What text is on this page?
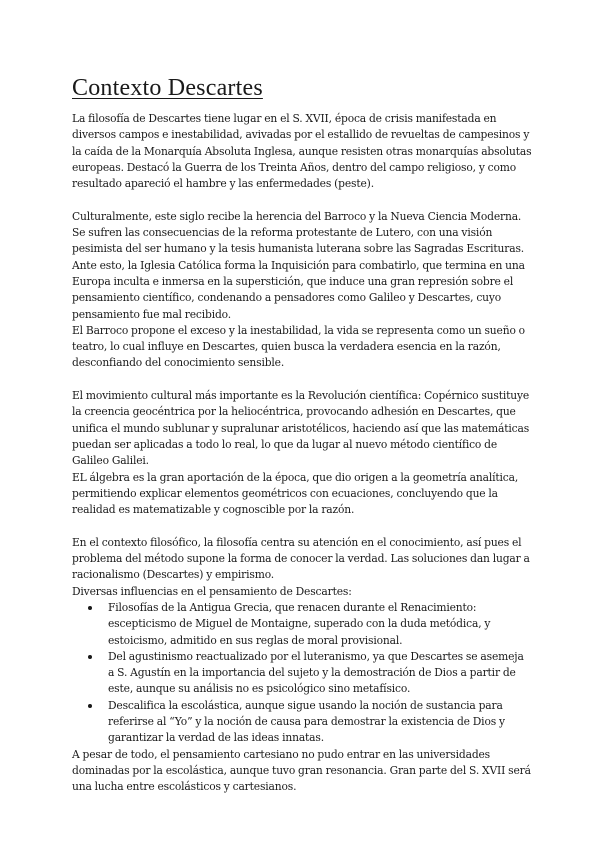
Contexto Descartes

La filosofía de Descartes tiene lugar en el S. XVII, época de crisis manifestada en diversos campos e inestabilidad, avivadas por el estallido de revueltas de campesinos y la caída de la Monarquía Absoluta Inglesa, aunque resisten otras monarquías absolutas europeas. Destacó la Guerra de los Treinta Años, dentro del campo religioso, y como resultado apareció el hambre y las enfermedades (peste).

Culturalmente, este siglo recibe la herencia del Barroco y la Nueva Ciencia Moderna.

Se sufren las consecuencias de la reforma protestante de Lutero, con una visión pesimista del ser humano y la tesis humanista luterana sobre las Sagradas Escrituras. Ante esto, la Iglesia Católica forma la Inquisición para combatirlo, que termina en una Europa inculta e inmersa en la superstición, que induce una gran represión sobre el pensamiento científico, condenando a pensadores como Galileo y Descartes, cuyo pensamiento fue mal recibido.

El Barroco propone el exceso y la inestabilidad, la vida se representa como un sueño o teatro, lo cual influye en Descartes, quien busca la verdadera esencia en la razón, desconfiando del conocimiento sensible.

El movimiento cultural más importante es la Revolución científica: Copérnico sustituye la creencia geocéntrica por la heliocéntrica, provocando adhesión en Descartes, que unifica el mundo sublunar y supralunar aristotélicos, haciendo así que las matemáticas puedan ser aplicadas a todo lo real, lo que da lugar al nuevo método científico de Galileo Galilei.

EL álgebra es la gran aportación de la época, que dio origen a la geometría analítica, permitiendo explicar elementos geométricos con ecuaciones, concluyendo que la realidad es matematizable y cognoscible por la razón.

En el contexto filosófico, la filosofía centra su atención en el conocimiento, así pues el problema del método supone la forma de conocer la verdad. Las soluciones dan lugar a racionalismo (Descartes) y empirismo.

Diversas influencias en el pensamiento de Descartes:

Filosofías de la Antigua Grecia, que renacen durante el Renacimiento: escepticismo de Miguel de Montaigne, superado con la duda metódica, y estoicismo, admitido en sus reglas de moral provisional.
Del agustinismo reactualizado por el luteranismo, ya que Descartes se asemeja a S. Agustín en la importancia del sujeto y la demostración de Dios a partir de este, aunque su análisis no es psicológico sino metafísico.
Descalifica la escolástica, aunque sigue usando la noción de sustancia para referirse al “Yo” y la noción de causa para demostrar la existencia de Dios y garantizar la verdad de las ideas innatas.

A pesar de todo, el pensamiento cartesiano no pudo entrar en las universidades dominadas por la escolástica, aunque tuvo gran resonancia. Gran parte del S. XVII será una lucha entre escolásticos y cartesianos.
